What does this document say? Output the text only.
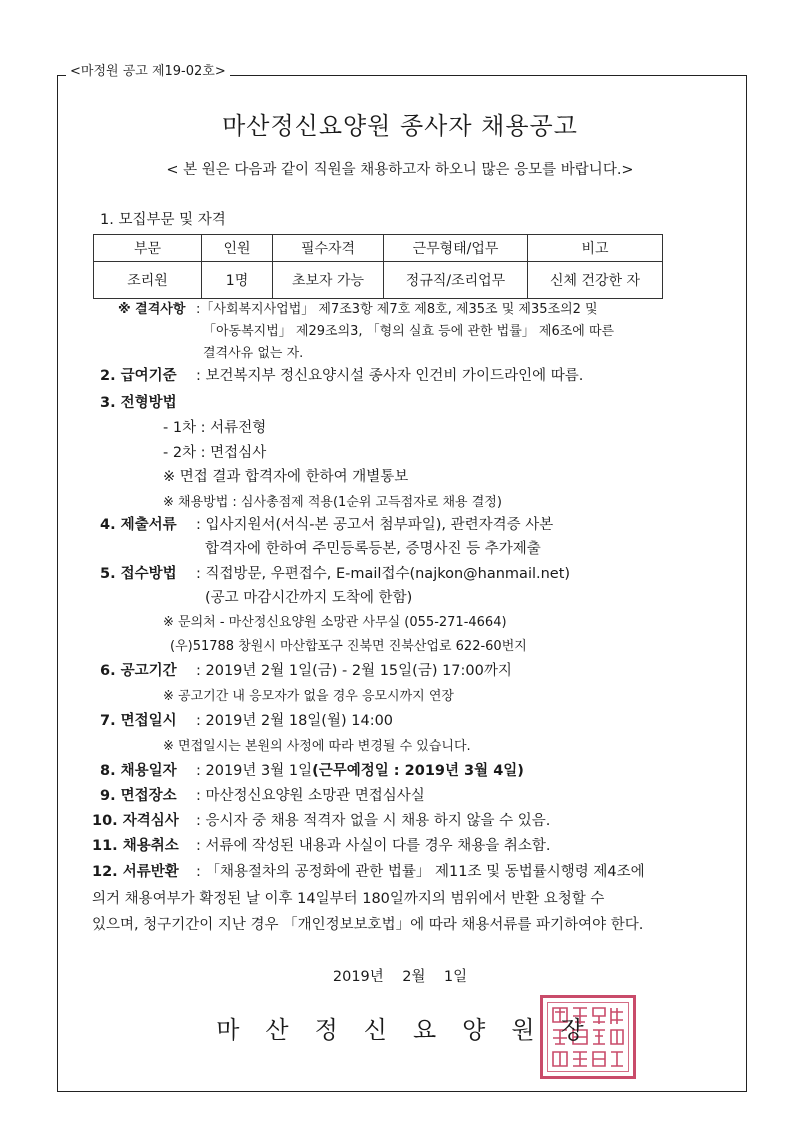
<마정원 공고 제19-02호>
마산정신요양원 종사자 채용공고
< 본 원은 다음과 같이 직원을 채용하고자 하오니 많은 응모를 바랍니다.>
1. 모집부문 및 자격
부문	인원	필수자격	근무형태/업무	비고
조리원	1명	초보자 가능	정규직/조리업무	신체 건강한 자
※ 결격사항 :「사회복지사업법」 제7조3항 제7호 제8호, 제35조 및 제35조의2 및
「아동복지법」 제29조의3, 「형의 실효 등에 관한 법률」 제6조에 따른
결격사유 없는 자.
2. 급여기준 : 보건복지부 정신요양시설 종사자 인건비 가이드라인에 따름.
3. 전형방법
- 1차 : 서류전형
- 2차 : 면접심사
※ 면접 결과 합격자에 한하여 개별통보
※ 채용방법 : 심사총점제 적용(1순위 고득점자로 채용 결정)
4. 제출서류 : 입사지원서(서식-본 공고서 첨부파일), 관련자격증 사본
합격자에 한하여 주민등록등본, 증명사진 등 추가제출
5. 접수방법 : 직접방문, 우편접수, E-mail접수(najkon@hanmail.net)
(공고 마감시간까지 도착에 한함)
※ 문의처 - 마산정신요양원 소망관 사무실 (055-271-4664)
(우)51788 창원시 마산합포구 진북면 진북산업로 622-60번지
6. 공고기간 : 2019년 2월 1일(금) - 2월 15일(금) 17:00까지
※ 공고기간 내 응모자가 없을 경우 응모시까지 연장
7. 면접일시 : 2019년 2월 18일(월) 14:00
※ 면접일시는 본원의 사정에 따라 변경될 수 있습니다.
8. 채용일자 : 2019년 3월 1일(근무예정일 : 2019년 3월 4일)
9. 면접장소 : 마산정신요양원 소망관 면접심사실
10. 자격심사 : 응시자 중 채용 적격자 없을 시 채용 하지 않을 수 있음.
11. 채용취소 : 서류에 작성된 내용과 사실이 다를 경우 채용을 취소함.
12. 서류반환 : 「채용절차의 공정화에 관한 법률」 제11조 및 동법률시행령 제4조에
의거 채용여부가 확정된 날 이후 14일부터 180일까지의 범위에서 반환 요청할 수
있으며, 청구기간이 지난 경우 「개인정보보호법」에 따라 채용서류를 파기하여야 한다.
2019년    2월    1일
마산정신요양원장
